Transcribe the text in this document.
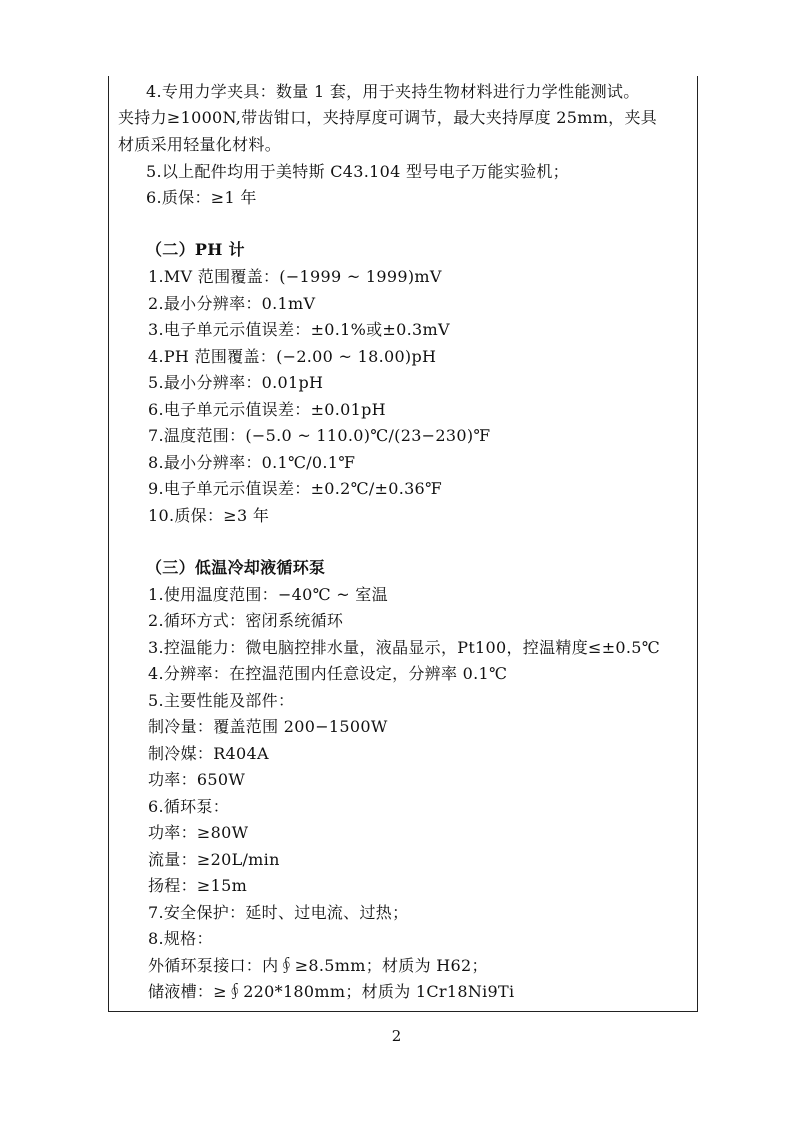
4.专用力学夹具：数量 1 套，用于夹持生物材料进行力学性能测试。
夹持力≥1000N,带齿钳口，夹持厚度可调节，最大夹持厚度 25mm，夹具
材质采用轻量化材料。
5.以上配件均用于美特斯 C43.104 型号电子万能实验机；
6.质保：≥1 年
（二）PH 计
1.MV 范围覆盖：(−1999 ~ 1999)mV
2.最小分辨率：0.1mV
3.电子单元示值误差：±0.1%或±0.3mV
4.PH 范围覆盖：(−2.00 ~ 18.00)pH
5.最小分辨率：0.01pH
6.电子单元示值误差：±0.01pH
7.温度范围：(−5.0 ~ 110.0)℃/(23−230)℉
8.最小分辨率：0.1℃/0.1℉
9.电子单元示值误差：±0.2℃/±0.36℉
10.质保：≥3 年
（三）低温冷却液循环泵
1.使用温度范围：−40℃ ~ 室温
2.循环方式：密闭系统循环
3.控温能力：微电脑控排水量，液晶显示，Pt100，控温精度≤±0.5℃
4.分辨率：在控温范围内任意设定，分辨率 0.1℃
5.主要性能及部件：
制冷量：覆盖范围 200−1500W
制冷媒：R404A
功率：650W
6.循环泵：
功率：≥80W
流量：≥20L/min
扬程：≥15m
7.安全保护：延时、过电流、过热；
8.规格：
外循环泵接口：内∮≥8.5mm；材质为 H62；
储液槽：≥∮220*180mm；材质为 1Cr18Ni9Ti
2
